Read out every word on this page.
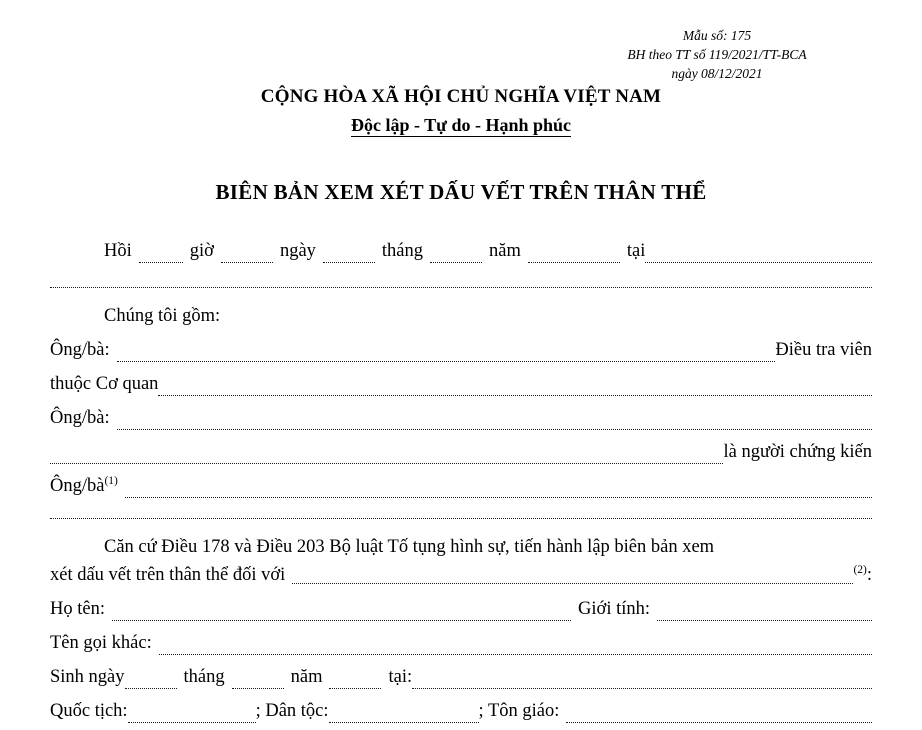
Mẫu số: 175
BH theo TT số 119/2021/TT-BCA
ngày 08/12/2021
CỘNG HÒA XÃ HỘI CHỦ NGHĨA VIỆT NAM
Độc lập - Tự do - Hạnh phúc
BIÊN BẢN XEM XÉT DẤU VẾT TRÊN THÂN THỂ
Hồi	giờ	ngày	tháng	năm	tại
Chúng tôi gồm:
Ông/bà:	Điều tra viên
thuộc Cơ quan
Ông/bà:
là người chứng kiến
Ông/$bà^{(1)}$
Căn cứ Điều 178 và Điều 203 Bộ luật Tố tụng hình sự, tiến hành lập biên bản xem
xét dấu vết trên thân thể đối với	$^{(2)}$:
Họ tên:	Giới tính:
Tên gọi khác:
Sinh ngày	tháng	năm	tại:
Quốc tịch:	; Dân tộc:	; Tôn giáo:
